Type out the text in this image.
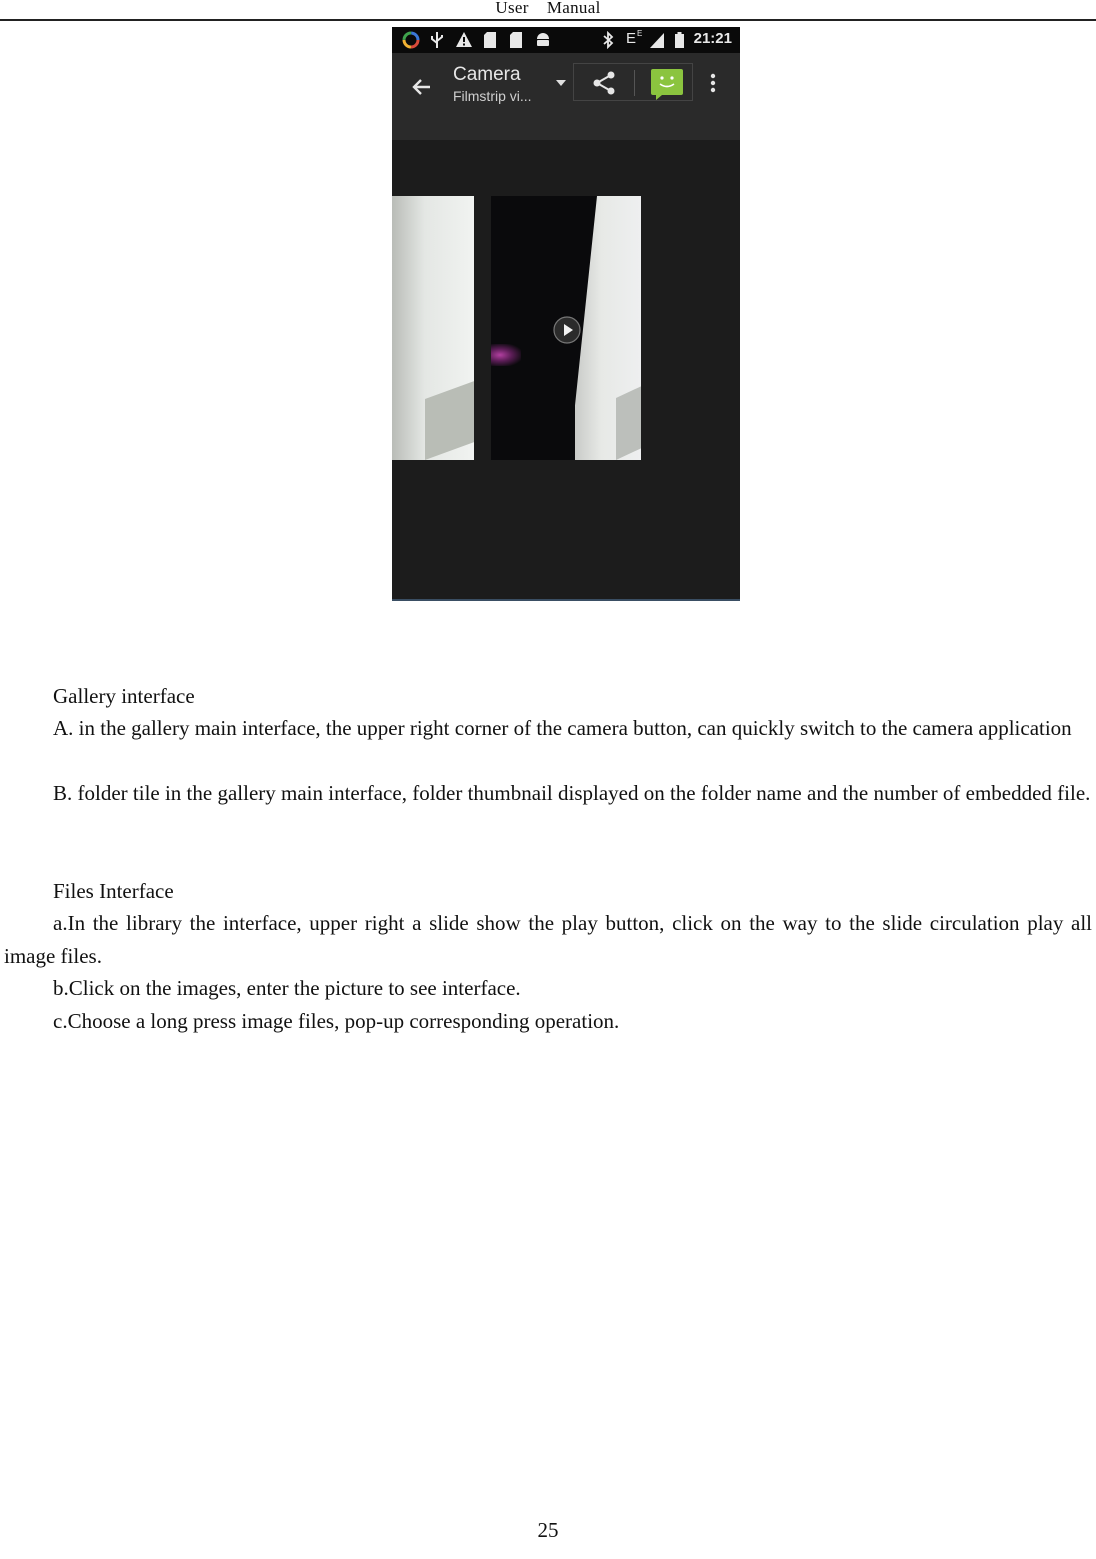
User    Manual
E E	21:21
Camera
Filmstrip vi...
Gallery interface
A. in the gallery main interface, the upper right corner of the camera button, can quickly switch to the camera application
B. folder tile in the gallery main interface, folder thumbnail displayed on the folder name and the number of embedded file.
Files Interface
a.In the library the interface, upper right a slide show the play button, click on the way to the slide circulation play all image files.
b.Click on the images, enter the picture to see interface.
c.Choose a long press image files, pop-up corresponding operation.
25
